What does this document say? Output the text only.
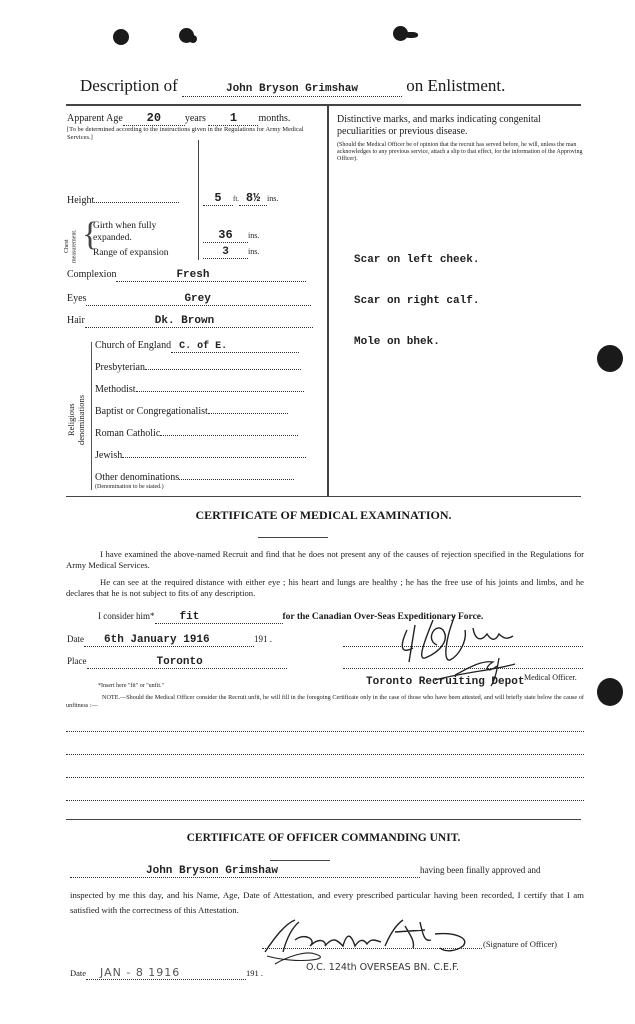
Description of	John Bryson Grimshaw	on Enlistment.
Apparent Age 20 years 1 months.
[To be determined according to the instructions given in the Regulations for Army Medical Services.]
Height	5 ft. 8½ ins.
Chest measurement. {
Girth when fully expanded.	36 ins.
Range of expansion	3 ins.
Complexion	Fresh
Eyes	Grey
Hair	Dk. Brown
Religious denominations
Church of England C. of E.
Presbyterian
Methodist
Baptist or Congregationalist
Roman Catholic
Jewish
Other denominations
(Denomination to be stated.)
Distinctive marks, and marks indicating congenital peculiarities or previous disease.
(Should the Medical Officer be of opinion that the recruit has served before, he will, unless the man acknowledges to any previous service, attach a slip to that effect, for the information of the Approving Officer).
Scar on left cheek.
Scar on right calf.
Mole on bhek.
CERTIFICATE OF MEDICAL EXAMINATION.
I have examined the above-named Recruit and find that he does not present any of the causes of rejection specified in the Regulations for Army Medical Services.
He can see at the required distance with either eye ; his heart and lungs are healthy ; he has the free use of his joints and limbs, and he declares that he is not subject to fits of any description.
I consider him* fit	for the Canadian Over-Seas Expeditionary Force.
Date 6th January 1916	191 .
Place	Toronto
*Insert here "fit" or "unfit."
Medical Officer.
Toronto Recruiting Depot
NOTE.—Should the Medical Officer consider the Recruit unfit, he will fill in the foregoing Certificate only in the case of those who have been attested, and will briefly state below the cause of unfitness :—
CERTIFICATE OF OFFICER COMMANDING UNIT.
John Bryson Grimshaw	having been finally approved and
inspected by me this day, and his Name, Age, Date of Attestation, and every prescribed particular having been recorded, I certify that I am satisfied with the correctness of this Attestation.
(Signature of Officer)
Date JAN - 8 1916	191 .	O.C. 124th OVERSEAS BN. C.E.F.
